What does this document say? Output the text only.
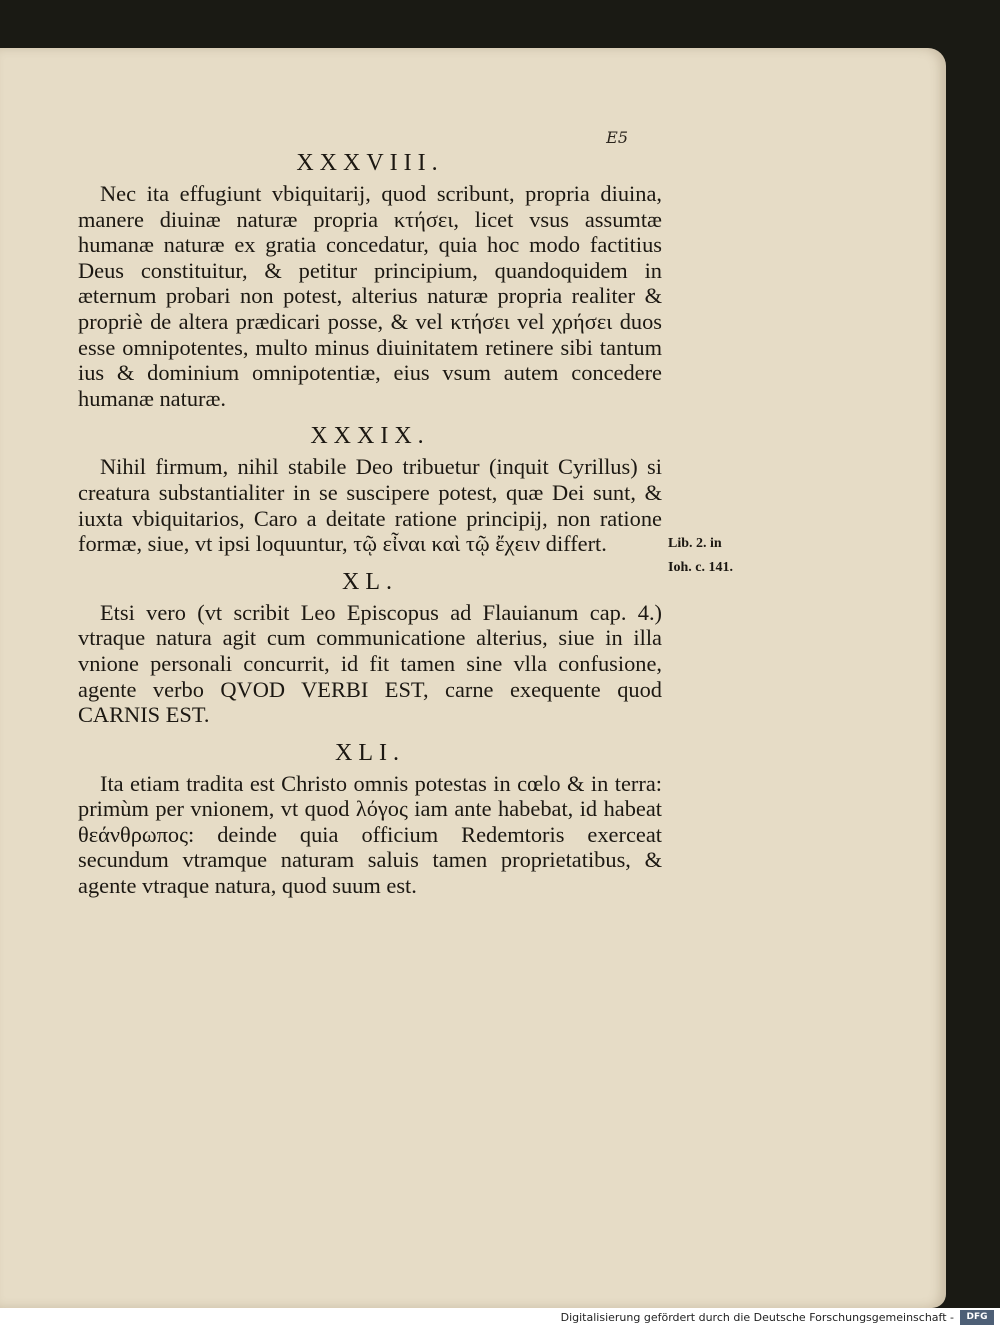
E5
XXXVIII.

Nec ita effugiunt vbiquitarij, quod scribunt, propria diuina, manere diuinæ naturæ propria κτήσει, licet vsus assumtæ humanæ naturæ ex gratia concedatur, quia hoc modo factitius Deus constituitur, & petitur principium, quandoquidem in æternum probari non potest, alterius naturæ propria realiter & propriè de altera prædicari posse, & vel κτήσει vel χρήσει duos esse omnipotentes, multo minus diuinitatem retinere sibi tantum ius & dominium omnipotentiæ, eius vsum autem concedere humanæ naturæ.

XXXIX.

Nihil firmum, nihil stabile Deo tribuetur (inquit Cyrillus) si creatura substantialiter in se suscipere potest, quæ Dei sunt, & iuxta vbiquitarios, Caro a deitate ratione principij, non ratione formæ, siue, vt ipsi loquuntur, τῷ εἶναι καὶ τῷ ἔχειν differt.

XL.

Etsi vero (vt scribit Leo Episcopus ad Flauianum cap. 4.) vtraque natura agit cum communicatione alterius, siue in illa vnione personali concurrit, id fit tamen sine vlla confusione, agente verbo QVOD VERBI EST, carne exequente quod CARNIS EST.

XLI.

Ita etiam tradita est Christo omnis potestas in cœlo & in terra: primùm per vnionem, vt quod λόγος iam ante habebat, id habeat θεάνθρωπος: deinde quia officium Redemtoris exerceat secundum vtramque naturam saluis tamen proprietatibus, & agente vtraque natura, quod suum est.

Lib. 2. in
Ioh. c. 141.
Digitalisierung gefördert durch die Deutsche Forschungsgemeinschaft -	DFG
